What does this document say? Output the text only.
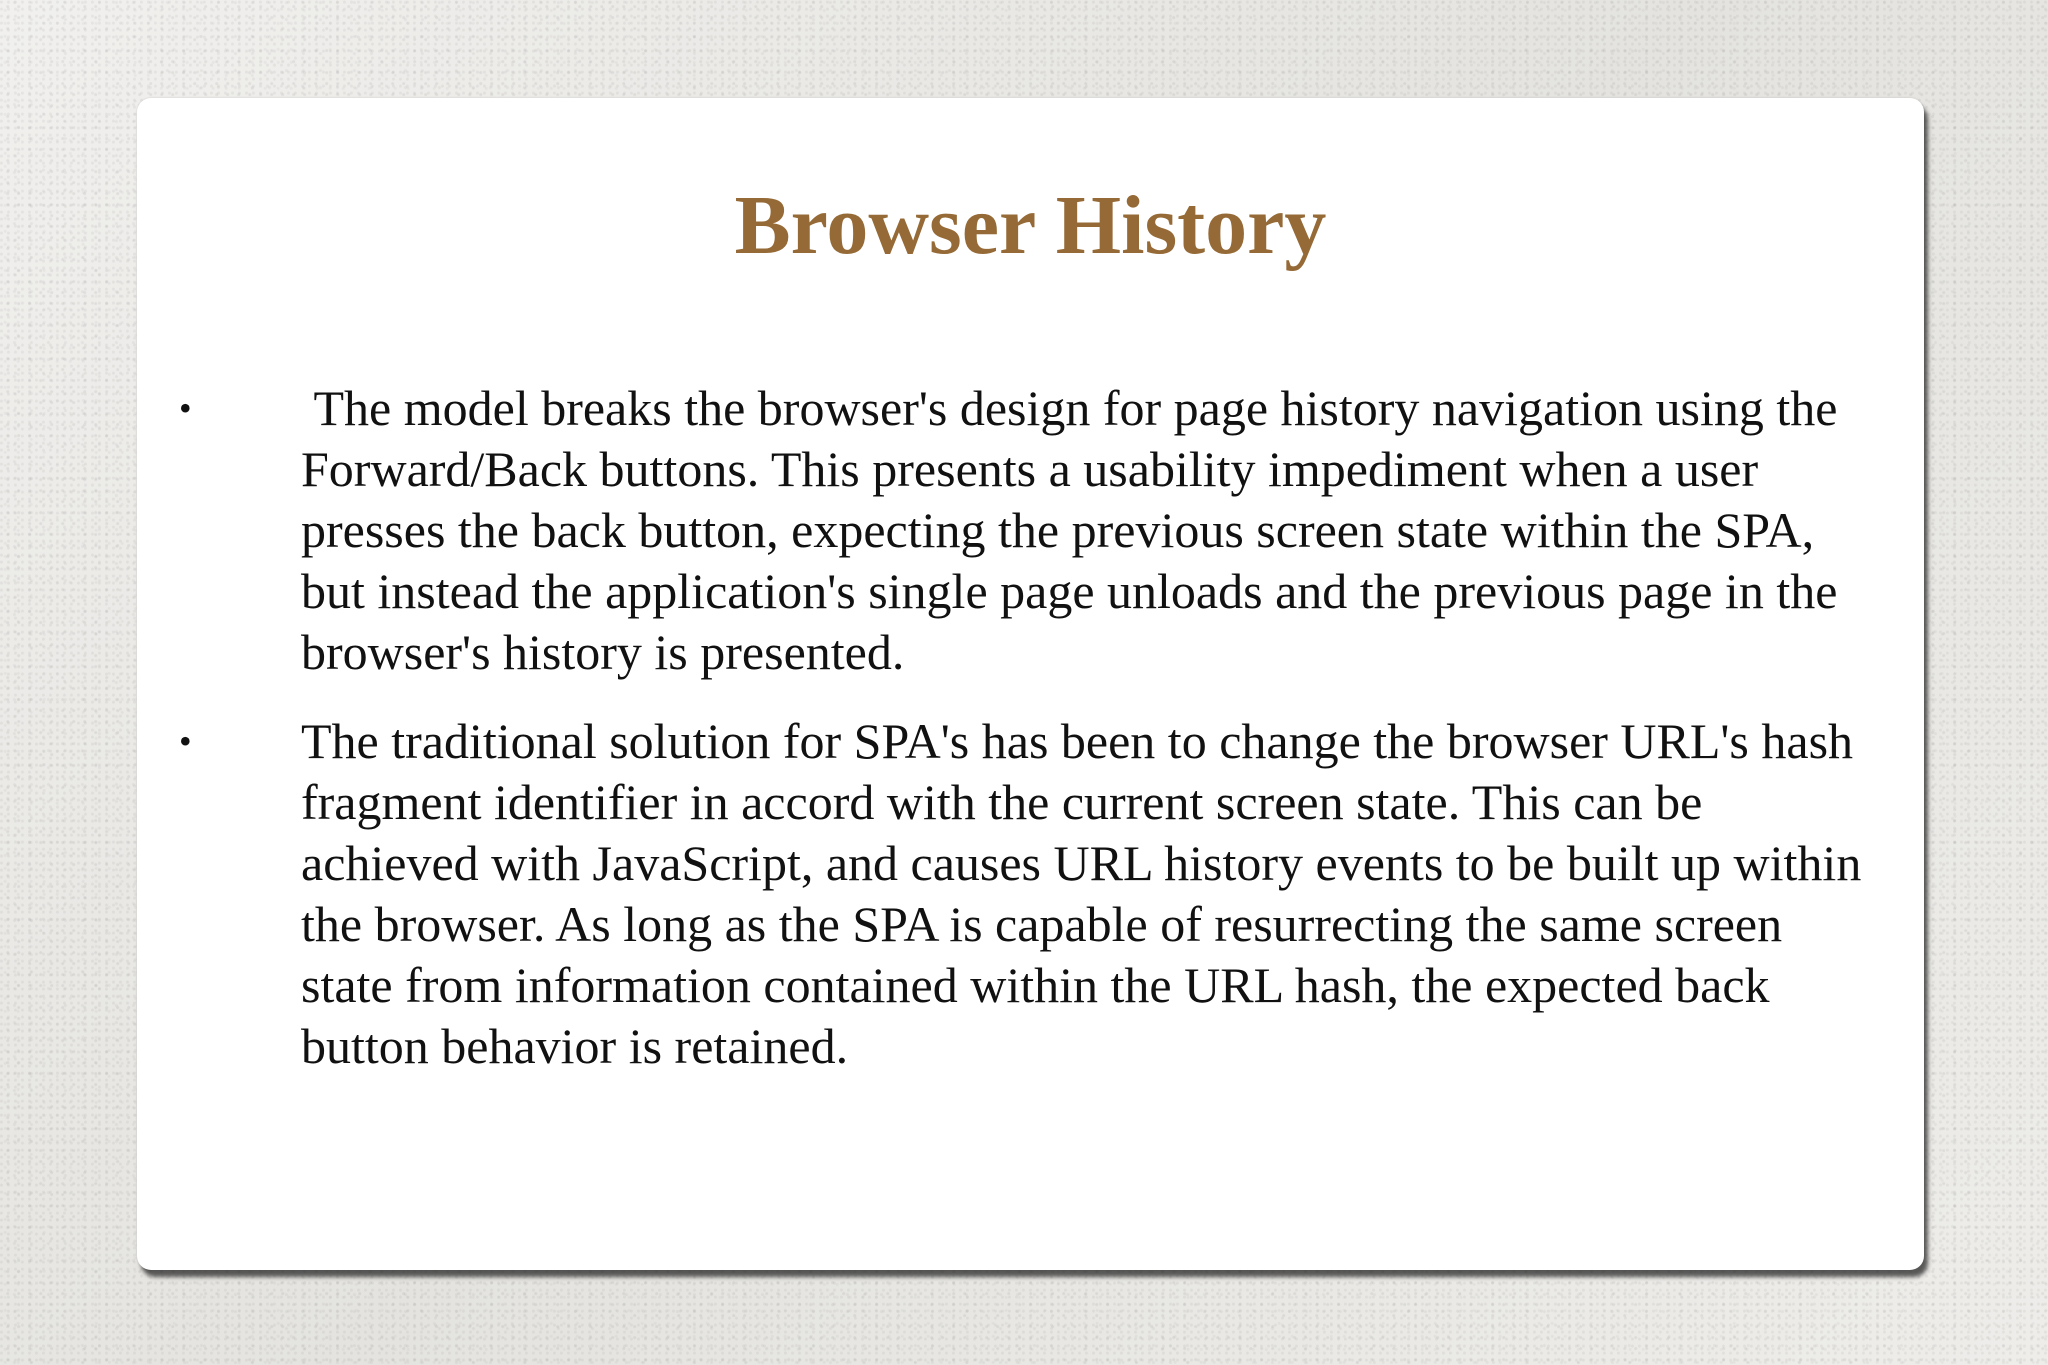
Browser History
• The model breaks the browser's design for page history navigation using the Forward/Back buttons. This presents a usability impediment when a user presses the back button, expecting the previous screen state within the SPA, but instead the application's single page unloads and the previous page in the browser's history is presented.
• The traditional solution for SPA's has been to change the browser URL's hash fragment identifier in accord with the current screen state. This can be achieved with JavaScript, and causes URL history events to be built up within the browser. As long as the SPA is capable of resurrecting the same screen state from information contained within the URL hash, the expected back button behavior is retained.
